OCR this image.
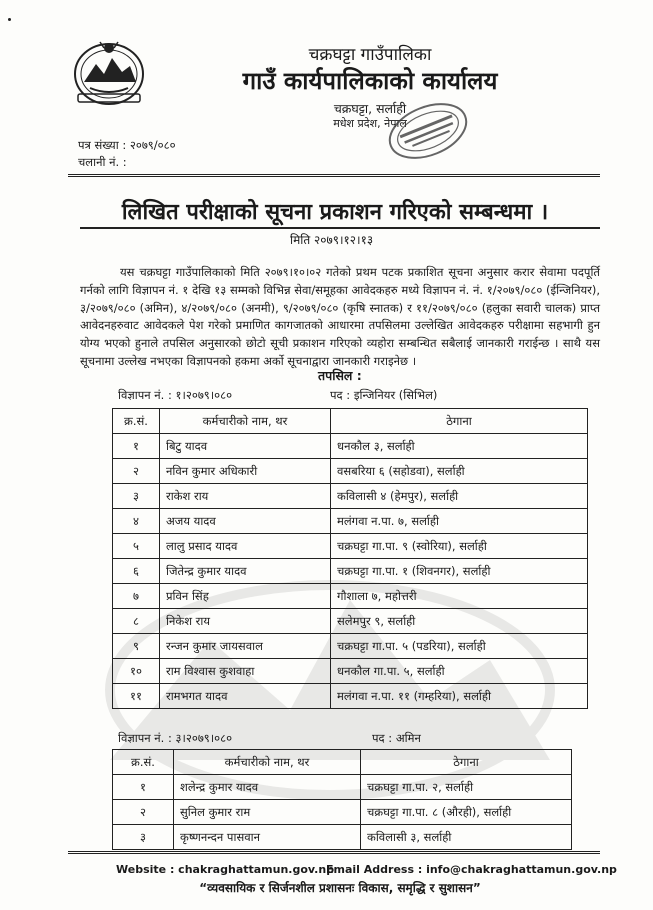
चक्रघट्टा गाउँपालिका
गाउँ कार्यपालिकाको कार्यालय
चक्रघट्टा, सर्लाही
मधेश प्रदेश, नेपाल
पत्र संख्या : २०७९/०८०
चलानी नं. :
लिखित परीक्षाको सूचना प्रकाशन गरिएको सम्बन्धमा ।
मिति २०७९।१२।१३
यस चक्रघट्टा गाउँपालिकाको मिति २०७९।१०।०२ गतेको प्रथम पटक प्रकाशित सूचना अनुसार करार सेवामा पदपूर्ति गर्नको लागि विज्ञापन नं. १ देखि १३ सम्मको विभिन्न सेवा/समूहका आवेदकहरु मध्ये विज्ञापन नं. नं. १/२०७९/०८० (ईन्जिनियर), ३/२०७९/०८० (अमिन), ४/२०७९/०८० (अनमी), ९/२०७९/०८० (कृषि स्नातक) र ११/२०७९/०८० (हलुका सवारी चालक) प्राप्त आवेदनहरुवाट आवेदकले पेश गरेको प्रमाणित कागजातको आधारमा तपसिलमा उल्लेखित आवेदकहरु परीक्षामा सहभागी हुन योग्य भएको हुनाले तपसिल अनुसारको छोटो सूची प्रकाशन गरिएको व्यहोरा सम्बन्धित सबैलाई जानकारी गराईन्छ । साथै यस सूचनामा उल्लेख नभएका विज्ञापनको हकमा अर्को सूचनाद्वारा जानकारी गराइनेछ ।
तपसिल :
विज्ञापन नं. : १।२०७९।०८०	पद : इन्जिनियर (सिभिल)
क्र.सं.	कर्मचारीको नाम, थर	ठेगाना
१	बिटु यादव	धनकौल ३, सर्लाही
२	नविन कुमार अधिकारी	वसबरिया ६ (सहोडवा), सर्लाही
३	राकेश राय	कविलासी ४ (हेमपुर), सर्लाही
४	अजय यादव	मलंगवा न.पा. ७, सर्लाही
५	लालु प्रसाद यादव	चक्रघट्टा गा.पा. ९ (स्वोरिया), सर्लाही
६	जितेन्द्र कुमार यादव	चक्रघट्टा गा.पा. १ (शिवनगर), सर्लाही
७	प्रविन सिंह	गौशाला ७, महोत्तरी
८	निकेश राय	सलेमपुर ९, सर्लाही
९	रन्जन कुमार जायसवाल	चक्रघट्टा गा.पा. ५ (पडरिया), सर्लाही
१०	राम विश्वास कुशवाहा	धनकौल गा.पा. ५, सर्लाही
११	रामभगत यादव	मलंगवा न.पा. ११ (गम्हरिया), सर्लाही
विज्ञापन नं. : ३।२०७९।०८०	पद : अमिन
क्र.सं.	कर्मचारीको नाम, थर	ठेगाना
१	शलेन्द्र कुमार यादव	चक्रघट्टा गा.पा. २, सर्लाही
२	सुनिल कुमार राम	चक्रघट्टा गा.पा. ८ (औरही), सर्लाही
३	कृष्णनन्दन पासवान	कविलासी ३, सर्लाही
Website : chakraghattamun.gov.np
Email Address : info@chakraghattamun.gov.np
“व्यवसायिक र सिर्जनशील प्रशासनः विकास, समृद्धि र सुशासन”
